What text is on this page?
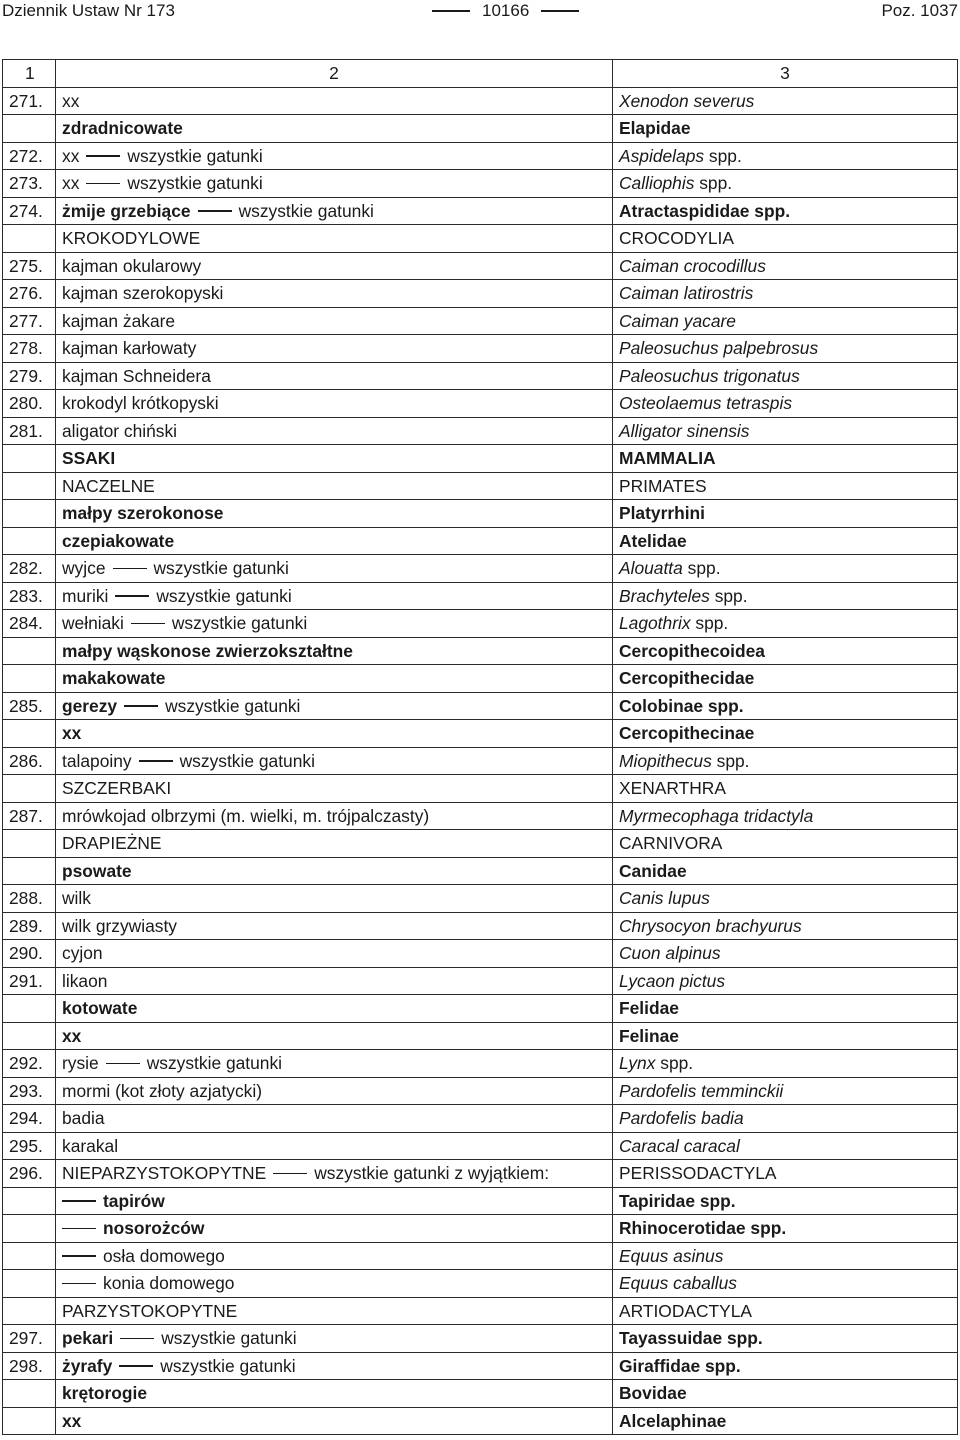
Dziennik Ustaw Nr 173	10166	Poz. 1037
1	2	3
271.	xx	Xenodon severus
	zdradnicowate	Elapidae
272.	xx wszystkie gatunki	Aspidelaps spp.
273.	xx wszystkie gatunki	Calliophis spp.
274.	żmije grzebiące wszystkie gatunki	Atractaspididae spp.
	KROKODYLOWE	CROCODYLIA
275.	kajman okularowy	Caiman crocodillus
276.	kajman szerokopyski	Caiman latirostris
277.	kajman żakare	Caiman yacare
278.	kajman karłowaty	Paleosuchus palpebrosus
279.	kajman Schneidera	Paleosuchus trigonatus
280.	krokodyl krótkopyski	Osteolaemus tetraspis
281.	aligator chiński	Alligator sinensis
	SSAKI	MAMMALIA
	NACZELNE	PRIMATES
	małpy szerokonose	Platyrrhini
	czepiakowate	Atelidae
282.	wyjce wszystkie gatunki	Alouatta spp.
283.	muriki wszystkie gatunki	Brachyteles spp.
284.	wełniaki wszystkie gatunki	Lagothrix spp.
	małpy wąskonose zwierzokształtne	Cercopithecoidea
	makakowate	Cercopithecidae
285.	gerezy wszystkie gatunki	Colobinae spp.
	xx	Cercopithecinae
286.	talapoiny wszystkie gatunki	Miopithecus spp.
	SZCZERBAKI	XENARTHRA
287.	mrówkojad olbrzymi (m. wielki, m. trójpalczasty)	Myrmecophaga tridactyla
	DRAPIEŻNE	CARNIVORA
	psowate	Canidae
288.	wilk	Canis lupus
289.	wilk grzywiasty	Chrysocyon brachyurus
290.	cyjon	Cuon alpinus
291.	likaon	Lycaon pictus
	kotowate	Felidae
	xx	Felinae
292.	rysie wszystkie gatunki	Lynx spp.
293.	mormi (kot złoty azjatycki)	Pardofelis temminckii
294.	badia	Pardofelis badia
295.	karakal	Caracal caracal
296.	NIEPARZYSTOKOPYTNE wszystkie gatunki z wyjątkiem:	PERISSODACTYLA
	tapirów	Tapiridae spp.
	nosorożców	Rhinocerotidae spp.
	osła domowego	Equus asinus
	konia domowego	Equus caballus
	PARZYSTOKOPYTNE	ARTIODACTYLA
297.	pekari wszystkie gatunki	Tayassuidae spp.
298.	żyrafy wszystkie gatunki	Giraffidae spp.
	krętorogie	Bovidae
	xx	Alcelaphinae
